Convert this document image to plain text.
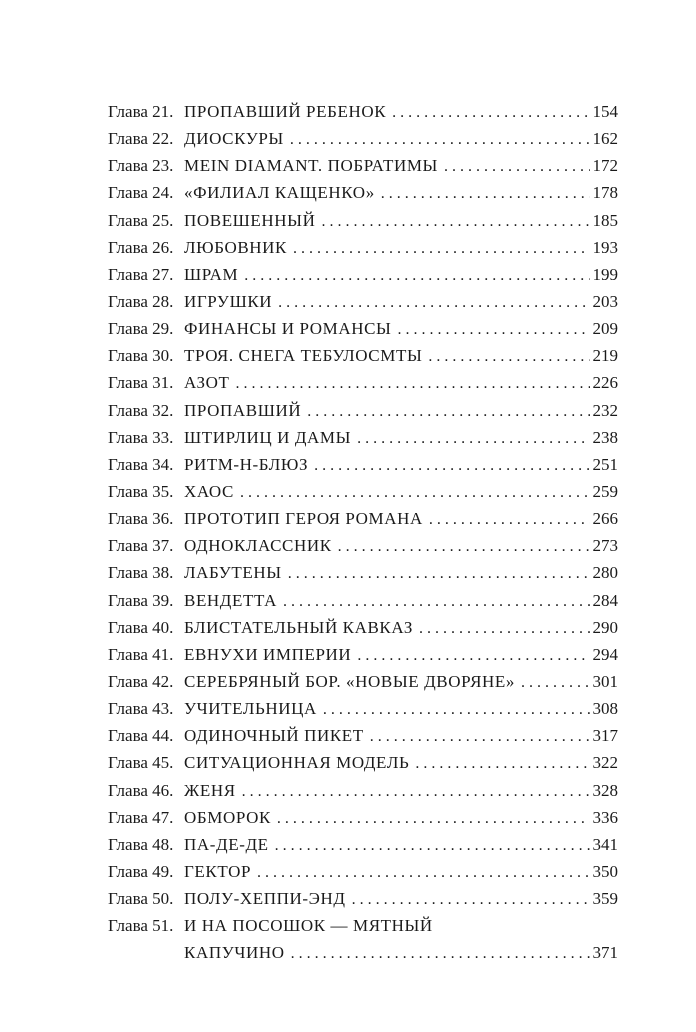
Глава 21. ПРОПАВШИЙ РЕБЕНОК . . .	154
Глава 22. ДИОСКУРЫ . . .	162
Глава 23. MEIN DIAMANT. ПОБРАТИМЫ . . .	172
Глава 24. «ФИЛИАЛ КАЩЕНКО» . . .	178
Глава 25. ПОВЕШЕННЫЙ . . .	185
Глава 26. ЛЮБОВНИК . . .	193
Глава 27. ШРАМ . . .	199
Глава 28. ИГРУШКИ . . .	203
Глава 29. ФИНАНСЫ И РОМАНСЫ . . .	209
Глава 30. ТРОЯ. СНЕГА ТЕБУЛОСМТЫ . . .	219
Глава 31. АЗОТ . . .	226
Глава 32. ПРОПАВШИЙ . . .	232
Глава 33. ШТИРЛИЦ И ДАМЫ . . .	238
Глава 34. РИТМ-Н-БЛЮЗ . . .	251
Глава 35. ХАОС . . .	259
Глава 36. ПРОТОТИП ГЕРОЯ РОМАНА . . .	266
Глава 37. ОДНОКЛАССНИК . . .	273
Глава 38. ЛАБУТЕНЫ . . .	280
Глава 39. ВЕНДЕТТА . . .	284
Глава 40. БЛИСТАТЕЛЬНЫЙ КАВКАЗ . . .	290
Глава 41. ЕВНУХИ ИМПЕРИИ . . .	294
Глава 42. СЕРЕБРЯНЫЙ БОР. «НОВЫЕ ДВОРЯНЕ» . . .	301
Глава 43. УЧИТЕЛЬНИЦА . . .	308
Глава 44. ОДИНОЧНЫЙ ПИКЕТ . . .	317
Глава 45. СИТУАЦИОННАЯ МОДЕЛЬ . . .	322
Глава 46. ЖЕНЯ . . .	328
Глава 47. ОБМОРОК . . .	336
Глава 48. ПА-ДЕ-ДЕ . . .	341
Глава 49. ГЕКТОР . . .	350
Глава 50. ПОЛУ-ХЕППИ-ЭНД . . .	359
Глава 51. И НА ПОСОШОК — МЯТНЫЙ
КАПУЧИНО . . .	371
